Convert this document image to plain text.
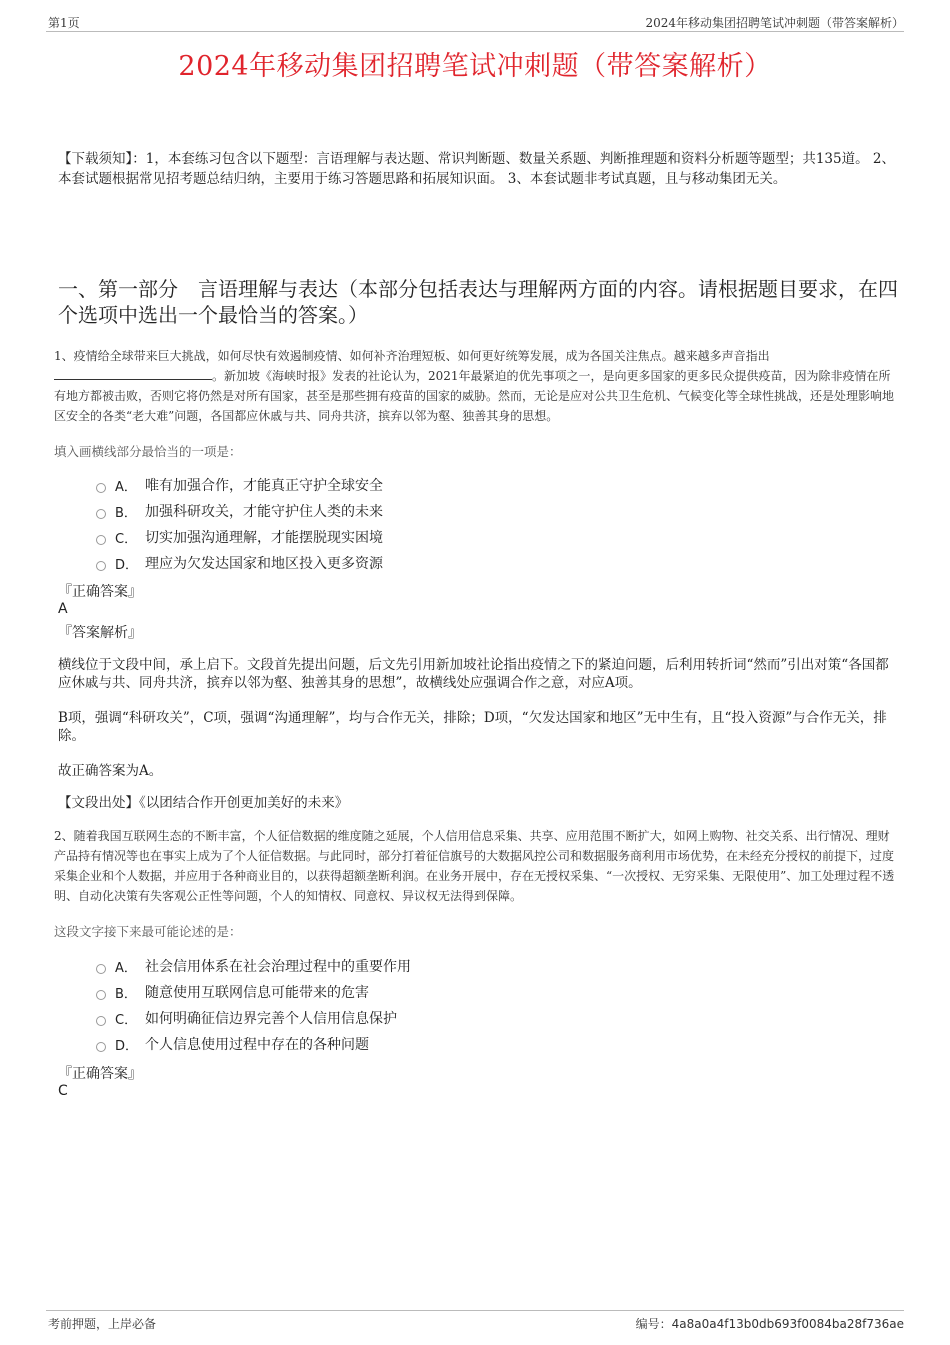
第1页	2024年移动集团招聘笔试冲刺题（带答案解析）
2024年移动集团招聘笔试冲刺题（带答案解析）

【下载须知】：1，本套练习包含以下题型：言语理解与表达题、常识判断题、数量关系题、判断推理题和资料分析题等题型；共135道。 2、本套试题根据常见招考题总结归纳，主要用于练习答题思路和拓展知识面。 3、本套试题非考试真题，且与移动集团无关。

一、第一部分　言语理解与表达（本部分包括表达与理解两方面的内容。请根据题目要求，在四个选项中选出一个最恰当的答案。）

1、疫情给全球带来巨大挑战，如何尽快有效遏制疫情、如何补齐治理短板、如何更好统筹发展，成为各国关注焦点。越来越多声音指出
。新加坡《海峡时报》发表的社论认为，2021年最紧迫的优先事项之一，是向更多国家的更多民众提供疫苗，因为除非疫情在所有地方都被击败，否则它将仍然是对所有国家，甚至是那些拥有疫苗的国家的威胁。然而，无论是应对公共卫生危机、气候变化等全球性挑战，还是处理影响地区安全的各类“老大难”问题，各国都应休戚与共、同舟共济，摈弃以邻为壑、独善其身的思想。

填入画横线部分最恰当的一项是：

A． 唯有加强合作，才能真正守护全球安全
B． 加强科研攻关，才能守护住人类的未来
C． 切实加强沟通理解，才能摆脱现实困境
D． 理应为欠发达国家和地区投入更多资源

『正确答案』

A

『答案解析』

横线位于文段中间，承上启下。文段首先提出问题，后文先引用新加坡社论指出疫情之下的紧迫问题，后利用转折词“然而”引出对策“各国都应休戚与共、同舟共济，摈弃以邻为壑、独善其身的思想”，故横线处应强调合作之意，对应A项。

B项，强调“科研攻关”，C项，强调“沟通理解”，均与合作无关，排除；D项，“欠发达国家和地区”无中生有，且“投入资源”与合作无关，排除。

故正确答案为A。

【文段出处】《以团结合作开创更加美好的未来》

2、随着我国互联网生态的不断丰富，个人征信数据的维度随之延展，个人信用信息采集、共享、应用范围不断扩大，如网上购物、社交关系、出行情况、理财产品持有情况等也在事实上成为了个人征信数据。与此同时，部分打着征信旗号的大数据风控公司和数据服务商利用市场优势，在未经充分授权的前提下，过度采集企业和个人数据，并应用于各种商业目的，以获得超额垄断利润。在业务开展中，存在无授权采集、“一次授权、无穷采集、无限使用”、加工处理过程不透明、自动化决策有失客观公正性等问题，个人的知情权、同意权、异议权无法得到保障。

这段文字接下来最可能论述的是：

A． 社会信用体系在社会治理过程中的重要作用
B． 随意使用互联网信息可能带来的危害
C． 如何明确征信边界完善个人信用信息保护
D． 个人信息使用过程中存在的各种问题

『正确答案』

C

考前押题，上岸必备	编号：4a8a0a4f13b0db693f0084ba28f736ae
